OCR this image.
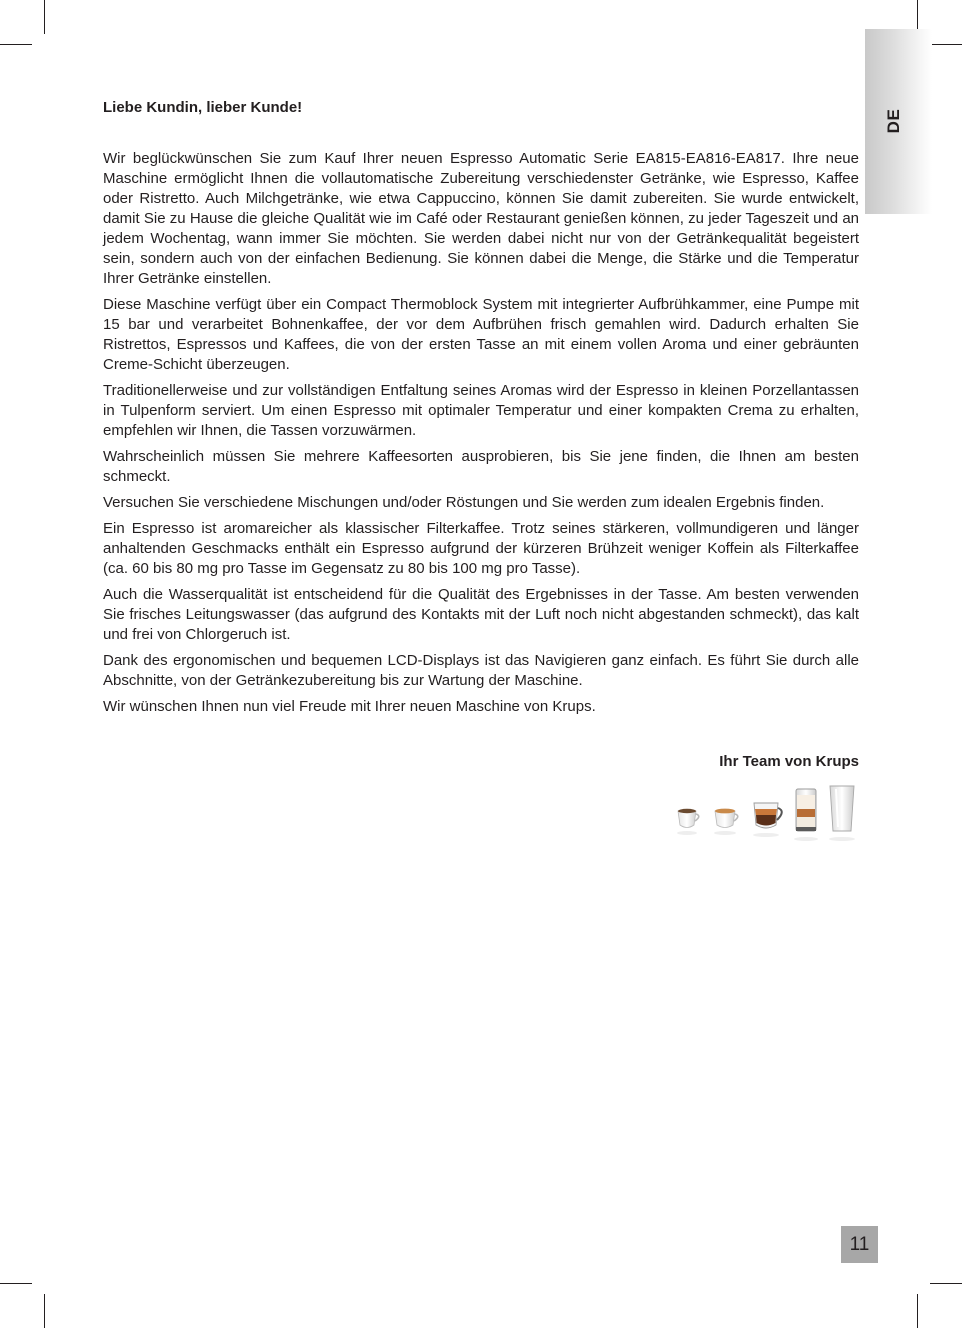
DE

Liebe Kundin, lieber Kunde!

Wir beglückwünschen Sie zum Kauf Ihrer neuen Espresso Automatic Serie EA815-EA816-EA817. Ihre neue Maschine ermöglicht Ihnen die vollautomatische Zubereitung verschiedenster Getränke, wie Espresso, Kaffee oder Ristretto. Auch Milchgetränke, wie etwa Cappuccino, können Sie damit zubereiten. Sie wurde entwickelt, damit Sie zu Hause die gleiche Qualität wie im Café oder Restaurant genießen können, zu jeder Tageszeit und an jedem Wochentag, wann immer Sie möchten. Sie werden dabei nicht nur von der Getränkequalität begeistert sein, sondern auch von der einfachen Bedienung. Sie können dabei die Menge, die Stärke und die Temperatur Ihrer Getränke einstellen.

Diese Maschine verfügt über ein Compact Thermoblock System mit integrierter Aufbrühkammer, eine Pumpe mit 15 bar und verarbeitet Bohnenkaffee, der vor dem Aufbrühen frisch gemahlen wird. Dadurch erhalten Sie Ristrettos, Espressos und Kaffees, die von der ersten Tasse an mit einem vollen Aroma und einer gebräunten Creme-Schicht überzeugen.

Traditionellerweise und zur vollständigen Entfaltung seines Aromas wird der Espresso in kleinen Porzellantassen in Tulpenform serviert. Um einen Espresso mit optimaler Temperatur und einer kompakten Crema zu erhalten, empfehlen wir Ihnen, die Tassen vorzuwärmen.

Wahrscheinlich müssen Sie mehrere Kaffeesorten ausprobieren, bis Sie jene finden, die Ihnen am besten schmeckt.

Versuchen Sie verschiedene Mischungen und/oder Röstungen und Sie werden zum idealen Ergebnis finden.

Ein Espresso ist aromareicher als klassischer Filterkaffee. Trotz seines stärkeren, vollmundigeren und länger anhaltenden Geschmacks enthält ein Espresso aufgrund der kürzeren Brühzeit weniger Koffein als Filterkaffee (ca. 60 bis 80 mg pro Tasse im Gegensatz zu 80 bis 100 mg pro Tasse).

Auch die Wasserqualität ist entscheidend für die Qualität des Ergebnisses in der Tasse. Am besten verwenden Sie frisches Leitungswasser (das aufgrund des Kontakts mit der Luft noch nicht abgestanden schmeckt), das kalt und frei von Chlorgeruch ist.

Dank des ergonomischen und bequemen LCD-Displays ist das Navigieren ganz einfach. Es führt Sie durch alle Abschnitte, von der Getränkezubereitung bis zur Wartung der Maschine.

Wir wünschen Ihnen nun viel Freude mit Ihrer neuen Maschine von Krups.

Ihr Team von Krups

11
